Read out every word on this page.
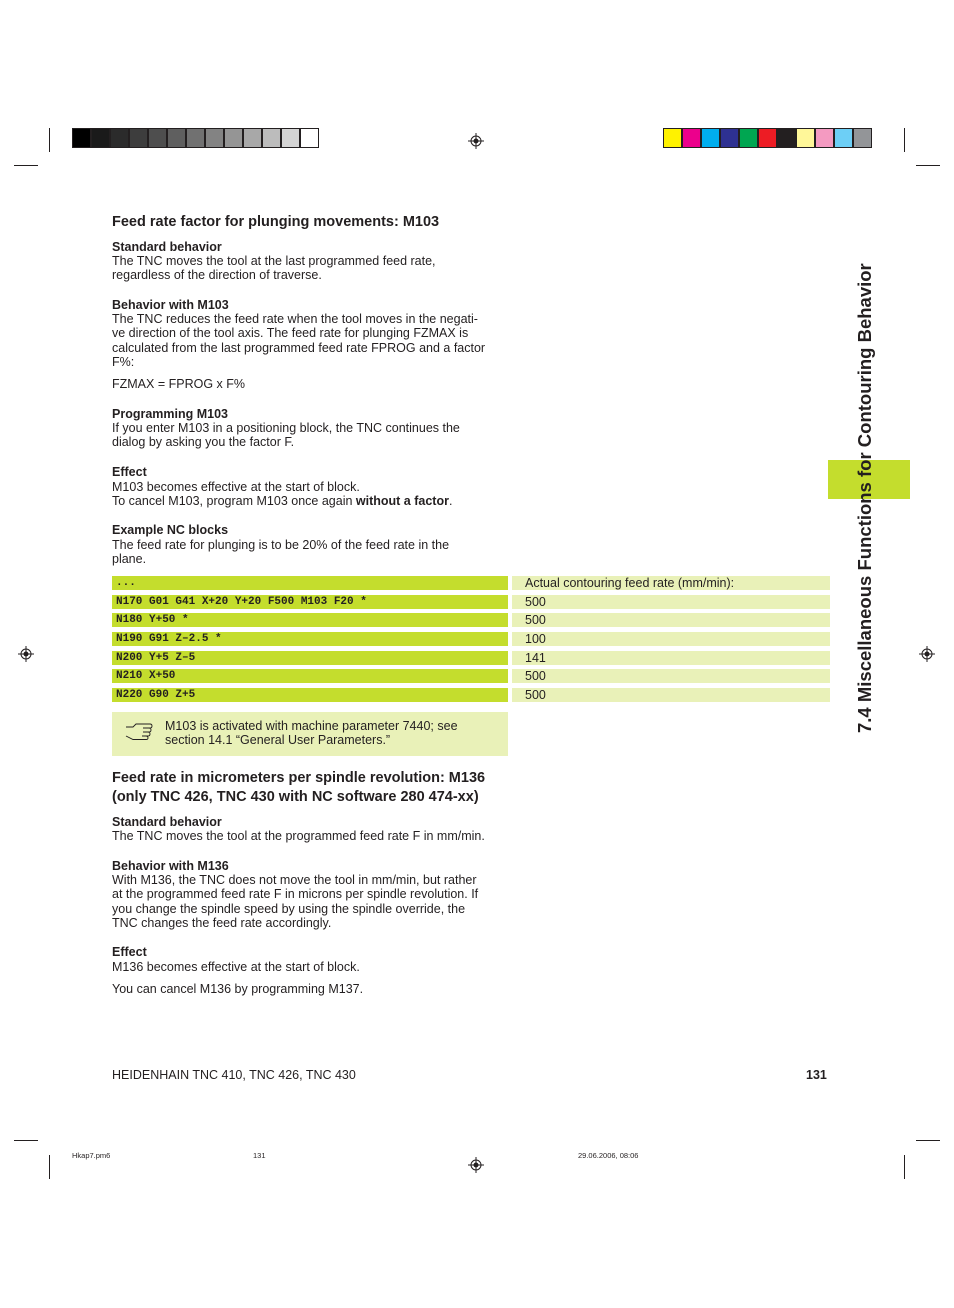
7.4 Miscellaneous Functions for Contouring Behavior
Feed rate factor for plunging movements: M103
Standard behavior
The TNC moves the tool at the last programmed feed rate,
regardless of the direction of traverse.
Behavior with M103
The TNC reduces the feed rate when the tool moves in the negati-
ve direction of the tool axis. The feed rate for plunging FZMAX is
calculated from the last programmed feed rate FPROG and a factor
F%:
FZMAX = FPROG x F%
Programming M103
If you enter M103 in a positioning block, the TNC continues the
dialog by asking you the factor F.
Effect
M103 becomes effective at the start of block.
To cancel M103, program M103 once again without a factor.
Example NC blocks
The feed rate for plunging is to be 20% of the feed rate in the
plane.
...	Actual contouring feed rate (mm/min):
N170 G01 G41 X+20 Y+20 F500 M103 F20 *	500
N180 Y+50 *	500
N190 G91 Z–2.5 *	100
N200 Y+5 Z–5	141
N210 X+50	500
N220 G90 Z+5	500
M103 is activated with machine parameter 7440; see
section 14.1 “General User Parameters.”
Feed rate in micrometers per spindle revolution: M136
(only TNC 426, TNC 430 with NC software 280 474-xx)
Standard behavior
The TNC moves the tool at the programmed feed rate F in mm/min.
Behavior with M136
With M136, the TNC does not move the tool in mm/min, but rather
at the programmed feed rate F in microns per spindle revolution. If
you change the spindle speed by using the spindle override, the
TNC changes the feed rate accordingly.
Effect
M136 becomes effective at the start of block.
You can cancel M136 by programming M137.
HEIDENHAIN TNC 410, TNC 426, TNC 430	131
Hkap7.pm6	131	29.06.2006, 08:06
